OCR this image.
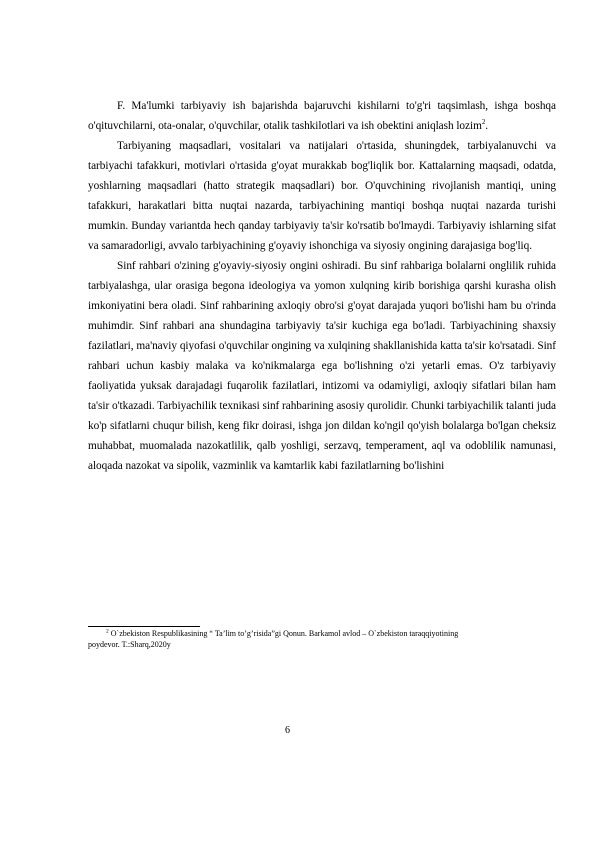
F. Ma'lumki tarbiyaviy ish bajarishda bajaruvchi kishilarni to'g'ri taqsimlash, ishga boshqa o'qituvchilarni, ota-onalar, o'quvchilar, otalik tashkilotlari va ish obektini aniqlash lozim$^2$.

Tarbiyaning maqsadlari, vositalari va natijalari o'rtasida, shuningdek, tarbiyalanuvchi va tarbiyachi tafakkuri, motivlari o'rtasida g'oyat murakkab bog'liqlik bor. Kattalarning maqsadi, odatda, yoshlarning maqsadlari (hatto strategik maqsadlari) bor. O'quvchining rivojlanish mantiqi, uning tafakkuri, harakatlari bitta nuqtai nazarda, tarbiyachining mantiqi boshqa nuqtai nazarda turishi mumkin. Bunday variantda hech qanday tarbiyaviy ta'sir ko'rsatib bo'lmaydi. Tarbiyaviy ishlarning sifat va samaradorligi, avvalo tarbiyachining g'oyaviy ishonchiga va siyosiy ongining darajasiga bog'liq.

Sinf rahbari o'zining g'oyaviy-siyosiy ongini oshiradi. Bu sinf rahbariga bolalarni onglilik ruhida tarbiyalashga, ular orasiga begona ideologiya va yomon xulqning kirib borishiga qarshi kurasha olish imkoniyatini bera oladi. Sinf rahbarining axloqiy obro'si g'oyat darajada yuqori bo'lishi ham bu o'rinda muhimdir. Sinf rahbari ana shundagina tarbiyaviy ta'sir kuchiga ega bo'ladi. Tarbiyachining shaxsiy fazilatlari, ma'naviy qiyofasi o'quvchilar ongining va xulqining shakllanishida katta ta'sir ko'rsatadi. Sinf rahbari uchun kasbiy malaka va ko'nikmalarga ega bo'lishning o'zi yetarli emas. O'z tarbiyaviy faoliyatida yuksak darajadagi fuqarolik fazilatlari, intizomi va odamiyligi, axloqiy sifatlari bilan ham ta'sir o'tkazadi. Tarbiyachilik texnikasi sinf rahbarining asosiy qurolidir. Chunki tarbiyachilik talanti juda ko'p sifatlarni chuqur bilish, keng fikr doirasi, ishga jon dildan ko'ngil qo'yish bolalarga bo'lgan cheksiz muhabbat, muomalada nazokatlilik, qalb yoshligi, serzavq, temperament, aql va odoblilik namunasi, aloqada nazokat va sipolik, vazminlik va kamtarlik kabi fazilatlarning bo'lishini

$^2$ O`zbekiston Respublikasining “ Ta’lim to’g’risida”gi Qonun. Barkamol avlod – O`zbekiston taraqqiyotining
poydevor. T.:Sharq,2020y
6
